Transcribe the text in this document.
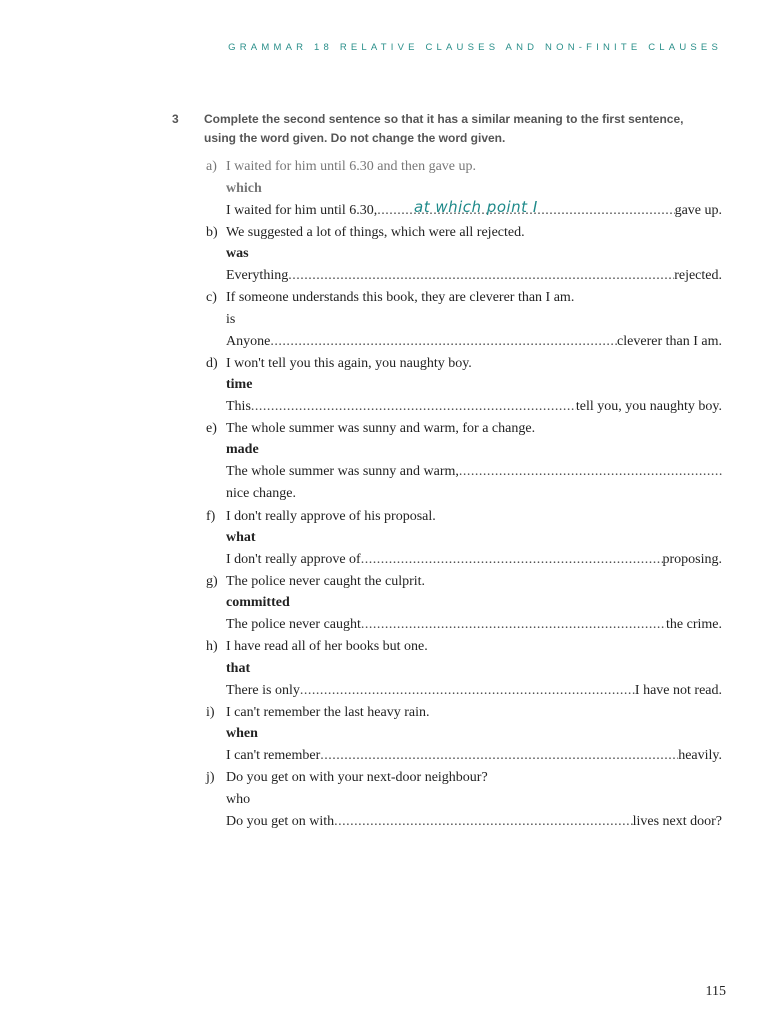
GRAMMAR 18 RELATIVE CLAUSES AND NON-FINITE CLAUSES
3 Complete the second sentence so that it has a similar meaning to the first sentence, using the word given. Do not change the word given.
a) I waited for him until 6.30 and then gave up.
which
I waited for him until 6.30, .....	gave up.
at which point I
b) We suggested a lot of things, which were all rejected.
was
Everything .....	rejected.
c) If someone understands this book, they are cleverer than I am.
is
Anyone .....	cleverer than I am.
d) I won't tell you this again, you naughty boy.
time
This .....	tell you, you naughty boy.
e) The whole summer was sunny and warm, for a change.
made
The whole summer was sunny and warm,
.....
nice change.
f) I don't really approve of his proposal.
what
I don't really approve of .....	proposing.
g) The police never caught the culprit.
committed
The police never caught .....	the crime.
h) I have read all of her books but one.
that
There is only .....	I have not read.
i) I can't remember the last heavy rain.
when
I can't remember .....	heavily.
j) Do you get on with your next-door neighbour?
who
Do you get on with .....	lives next door?
115
